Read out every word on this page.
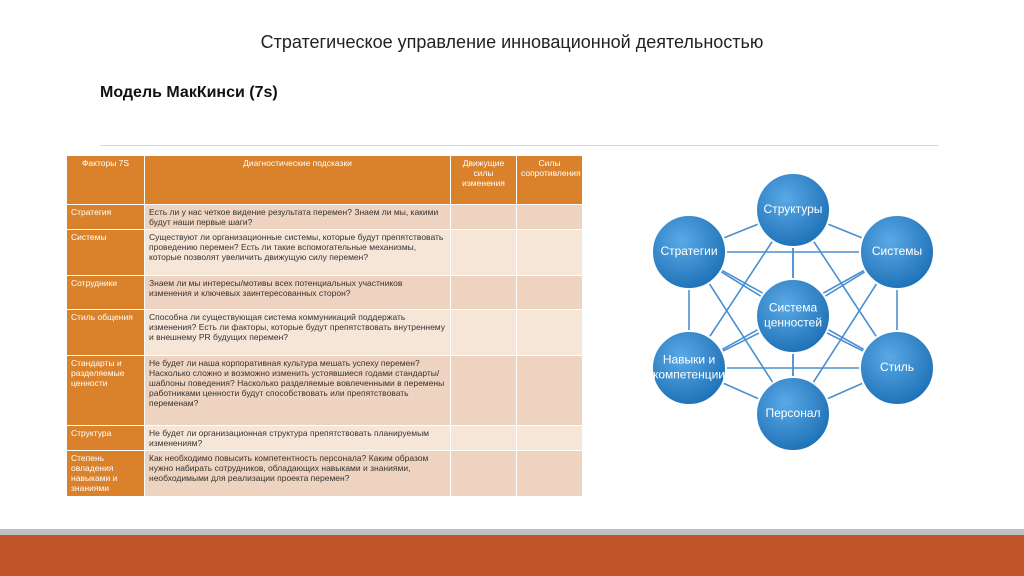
Стратегическое управление инновационной деятельностью
Модель МакКинси (7s)
Факторы 7S	Диагностические подсказки	Движущие силы изменения	Силы сопротивления
Стратегия	Есть ли у нас четкое видение результата перемен? Знаем ли мы, какими будут наши первые шаги?		
Системы	Существуют ли организационные системы, которые будут препятствовать проведению перемен? Есть ли такие вспомогательные механизмы, которые позволят увеличить движущую силу перемен?		
Сотрудники	Знаем ли мы интересы/мотивы всех потенциальных участников изменения и ключевых заинтересованных сторон?		
Стиль общения	Способна ли существующая система коммуникаций поддержать изменения? Есть ли факторы, которые будут препятствовать внутреннему и внешнему PR будущих перемен?		
Стандарты и разделяемые ценности	Не будет ли наша корпоративная культура мешать успеху перемен? Насколько сложно и возможно изменить устоявшиеся годами стандарты/шаблоны поведения? Насколько разделяемые вовлеченными в перемены работниками ценности будут способствовать или препятствовать переменам?		
Структура	Не будет ли организационная структура препятствовать планируемым изменениям?		
Степень овладения навыками и знаниями	Как необходимо повысить компетентность персонала? Каким образом нужно набирать сотрудников, обладающих навыками и знаниями, необходимыми для реализации проекта перемен?		
Структуры
Стратегии	Системы
Система
ценностей
Навыки и
компетенции
Стиль
Персонал
